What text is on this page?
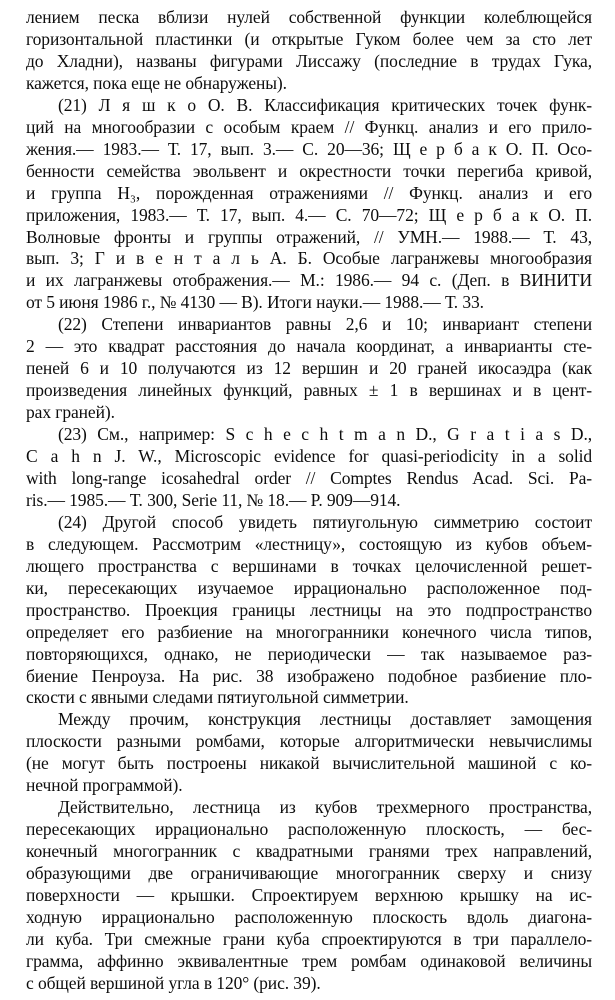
лением песка вблизи нулей собственной функции колеблющейся
горизонтальной пластинки (и открытые Гуком более чем за сто лет
до Хладни), названы фигурами Лиссажу (последние в трудах Гука,
кажется, пока еще не обнаружены).
(21) Л я ш к о О. В. Классификация критических точек функ-
ций на многообразии с особым краем // Функц. анализ и его прило-
жения.— 1983.— Т. 17, вып. 3.— С. 20—36; Щ е р б а к О. П. Осо-
бенности семейства эвольвент и окрестности точки перегиба кривой,
и группа H₃, порожденная отражениями // Функц. анализ и его
приложения, 1983.— Т. 17, вып. 4.— С. 70—72; Щ е р б а к О. П.
Волновые фронты и группы отражений, // УМН.— 1988.— Т. 43,
вып. 3; Г и в е н т а л ь А. Б. Особые лагранжевы многообразия
и их лагранжевы отображения.— М.: 1986.— 94 с. (Деп. в ВИНИТИ
от 5 июня 1986 г., № 4130 — В). Итоги науки.— 1988.— Т. 33.
(22) Степени инвариантов равны 2,6 и 10; инвариант степени
2 — это квадрат расстояния до начала координат, а инварианты сте-
пеней 6 и 10 получаются из 12 вершин и 20 граней икосаэдра (как
произведения линейных функций, равных ± 1 в вершинах и в цент-
рах граней).
(23) См., например: S c h e c h t m a n D., G r a t i a s D.,
C a h n J. W., Microscopic evidence for quasi-periodicity in a solid
with long-range icosahedral order // Comptes Rendus Acad. Sci. Pa-
ris.— 1985.— Т. 300, Serie 11, № 18.— P. 909—914.
(24) Другой способ увидеть пятиугольную симметрию состоит
в следующем. Рассмотрим «лестницу», состоящую из кубов объем-
лющего пространства с вершинами в точках целочисленной решет-
ки, пересекающих изучаемое иррационально расположенное под-
пространство. Проекция границы лестницы на это подпространство
определяет его разбиение на многогранники конечного числа типов,
повторяющихся, однако, не периодически — так называемое раз-
биение Пенроуза. На рис. 38 изображено подобное разбиение пло-
скости с явными следами пятиугольной симметрии.
Между прочим, конструкция лестницы доставляет замощения
плоскости разными ромбами, которые алгоритмически невычислимы
(не могут быть построены никакой вычислительной машиной с ко-
нечной программой).
Действительно, лестница из кубов трехмерного пространства,
пересекающих иррационально расположенную плоскость, — бес-
конечный многогранник с квадратными гранями трех направлений,
образующими две ограничивающие многогранник сверху и снизу
поверхности — крышки. Спроектируем верхнюю крышку на ис-
ходную иррационально расположенную плоскость вдоль диагона-
ли куба. Три смежные грани куба спроектируются в три параллело-
грамма, аффинно эквивалентные трем ромбам одинаковой величины
с общей вершиной угла в 120° (рис. 39).
